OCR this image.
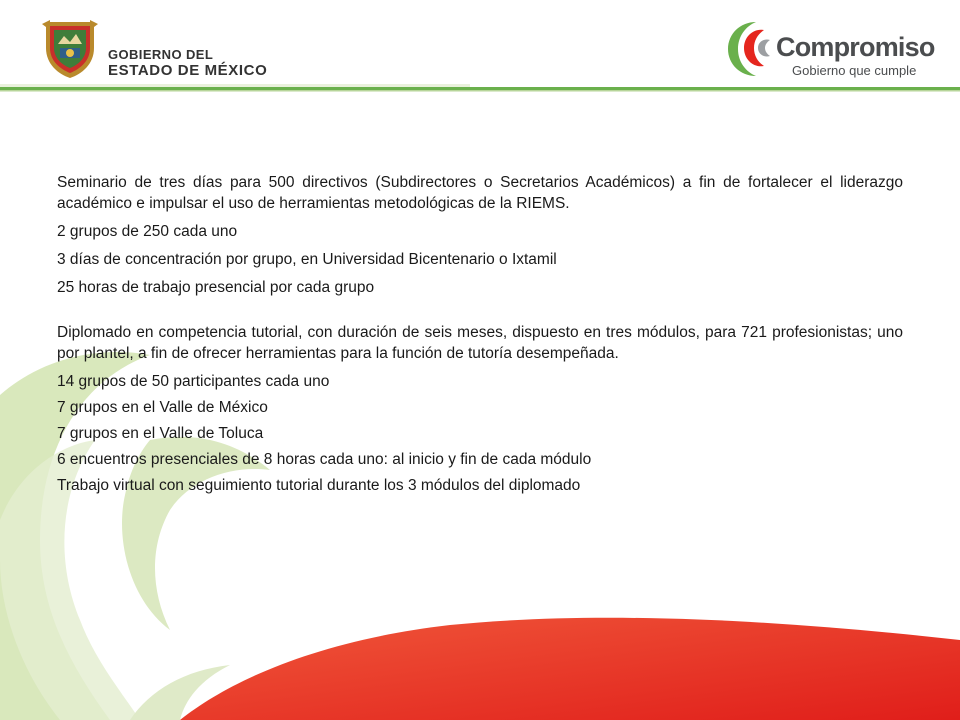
GOBIERNO DEL
ESTADO DE MÉXICO
Compromiso
Gobierno que cumple

Seminario de tres días para 500 directivos (Subdirectores o Secretarios Académicos) a fin de fortalecer el liderazgo académico e impulsar el uso de herramientas metodológicas de la RIEMS.

2 grupos de 250 cada uno

3 días de concentración por grupo, en Universidad Bicentenario o Ixtamil

25 horas de trabajo presencial por cada grupo

Diplomado en competencia tutorial, con duración de seis meses, dispuesto en tres módulos, para 721 profesionistas; uno por plantel, a fin de ofrecer herramientas para la función de tutoría desempeñada.

14 grupos de 50 participantes cada uno

7 grupos en el Valle de México

7 grupos en el Valle de Toluca

6 encuentros presenciales de 8 horas cada uno: al inicio y fin de cada módulo

Trabajo virtual con seguimiento tutorial durante los 3 módulos del diplomado
